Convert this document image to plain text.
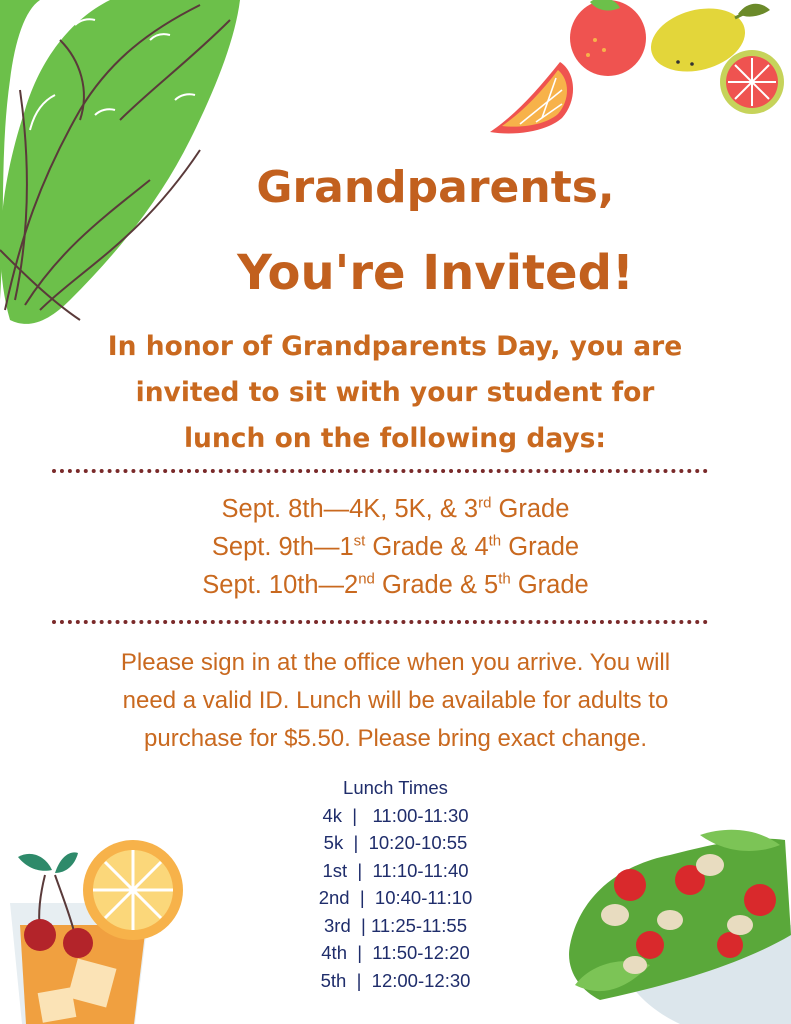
Grandparents,
You're Invited!
In honor of Grandparents Day, you are
invited to sit with your student for
lunch on the following days:
Sept. 8th—4K, 5K, & 3rd Grade
Sept. 9th—1st Grade & 4th Grade
Sept. 10th—2nd Grade & 5th Grade
Please sign in at the office when you arrive. You will
need a valid ID. Lunch will be available for adults to
purchase for $5.50. Please bring exact change.
Lunch Times
4k  |   11:00-11:30
5k  |  10:20-10:55
1st  |  11:10-11:40
2nd  |  10:40-11:10
3rd  | 11:25-11:55
4th  |  11:50-12:20
5th  |  12:00-12:30
